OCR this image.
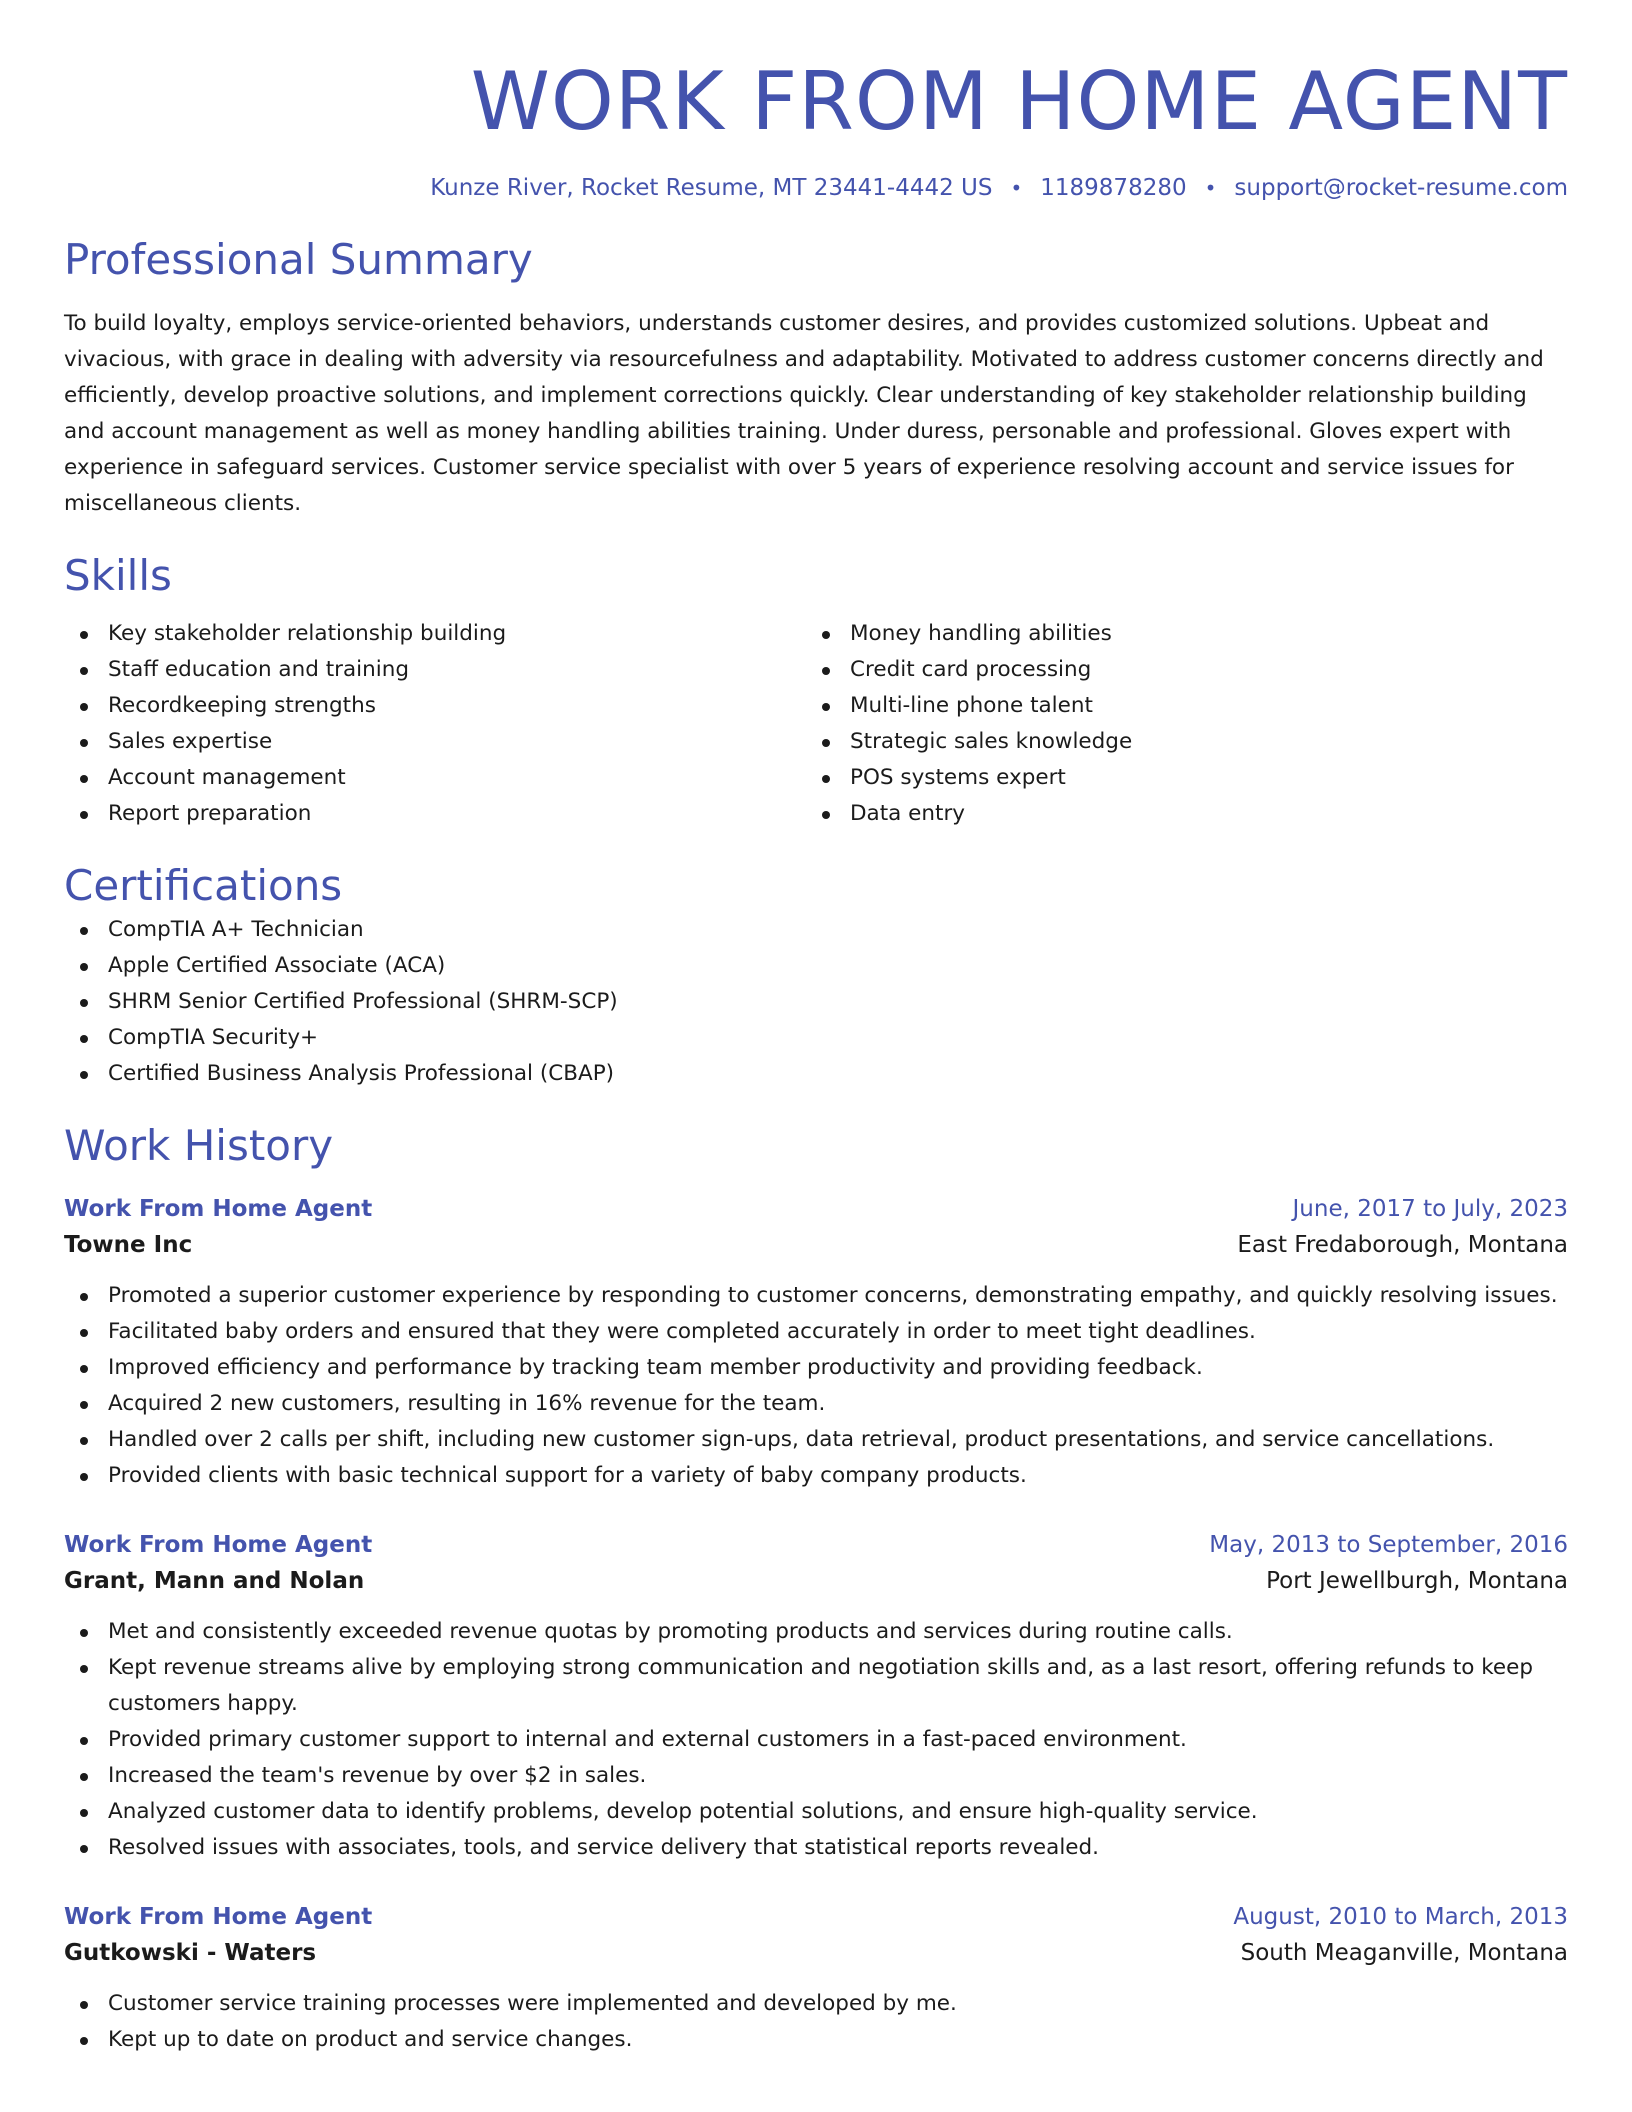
WORK FROM HOME AGENT
Kunze River, Rocket Resume, MT 23441-4442 US • 1189878280 • support@rocket-resume.com
Professional Summary
To build loyalty, employs service-oriented behaviors, understands customer desires, and provides customized solutions. Upbeat and vivacious, with grace in dealing with adversity via resourcefulness and adaptability. Motivated to address customer concerns directly and efficiently, develop proactive solutions, and implement corrections quickly. Clear understanding of key stakeholder relationship building and account management as well as money handling abilities training. Under duress, personable and professional. Gloves expert with experience in safeguard services. Customer service specialist with over 5 years of experience resolving account and service issues for miscellaneous clients.
Skills
Key stakeholder relationship building
Staff education and training
Recordkeeping strengths
Sales expertise
Account management
Report preparation
Money handling abilities
Credit card processing
Multi-line phone talent
Strategic sales knowledge
POS systems expert
Data entry
Certifications
CompTIA A+ Technician
Apple Certified Associate (ACA)
SHRM Senior Certified Professional (SHRM-SCP)
CompTIA Security+
Certified Business Analysis Professional (CBAP)
Work History
Work From Home Agent	June, 2017 to July, 2023
Towne Inc	East Fredaborough, Montana
Promoted a superior customer experience by responding to customer concerns, demonstrating empathy, and quickly resolving issues.
Facilitated baby orders and ensured that they were completed accurately in order to meet tight deadlines.
Improved efficiency and performance by tracking team member productivity and providing feedback.
Acquired 2 new customers, resulting in 16% revenue for the team.
Handled over 2 calls per shift, including new customer sign-ups, data retrieval, product presentations, and service cancellations.
Provided clients with basic technical support for a variety of baby company products.
Work From Home Agent	May, 2013 to September, 2016
Grant, Mann and Nolan	Port Jewellburgh, Montana
Met and consistently exceeded revenue quotas by promoting products and services during routine calls.
Kept revenue streams alive by employing strong communication and negotiation skills and, as a last resort, offering refunds to keep customers happy.
Provided primary customer support to internal and external customers in a fast-paced environment.
Increased the team's revenue by over $2 in sales.
Analyzed customer data to identify problems, develop potential solutions, and ensure high-quality service.
Resolved issues with associates, tools, and service delivery that statistical reports revealed.
Work From Home Agent	August, 2010 to March, 2013
Gutkowski - Waters	South Meaganville, Montana
Customer service training processes were implemented and developed by me.
Kept up to date on product and service changes.
